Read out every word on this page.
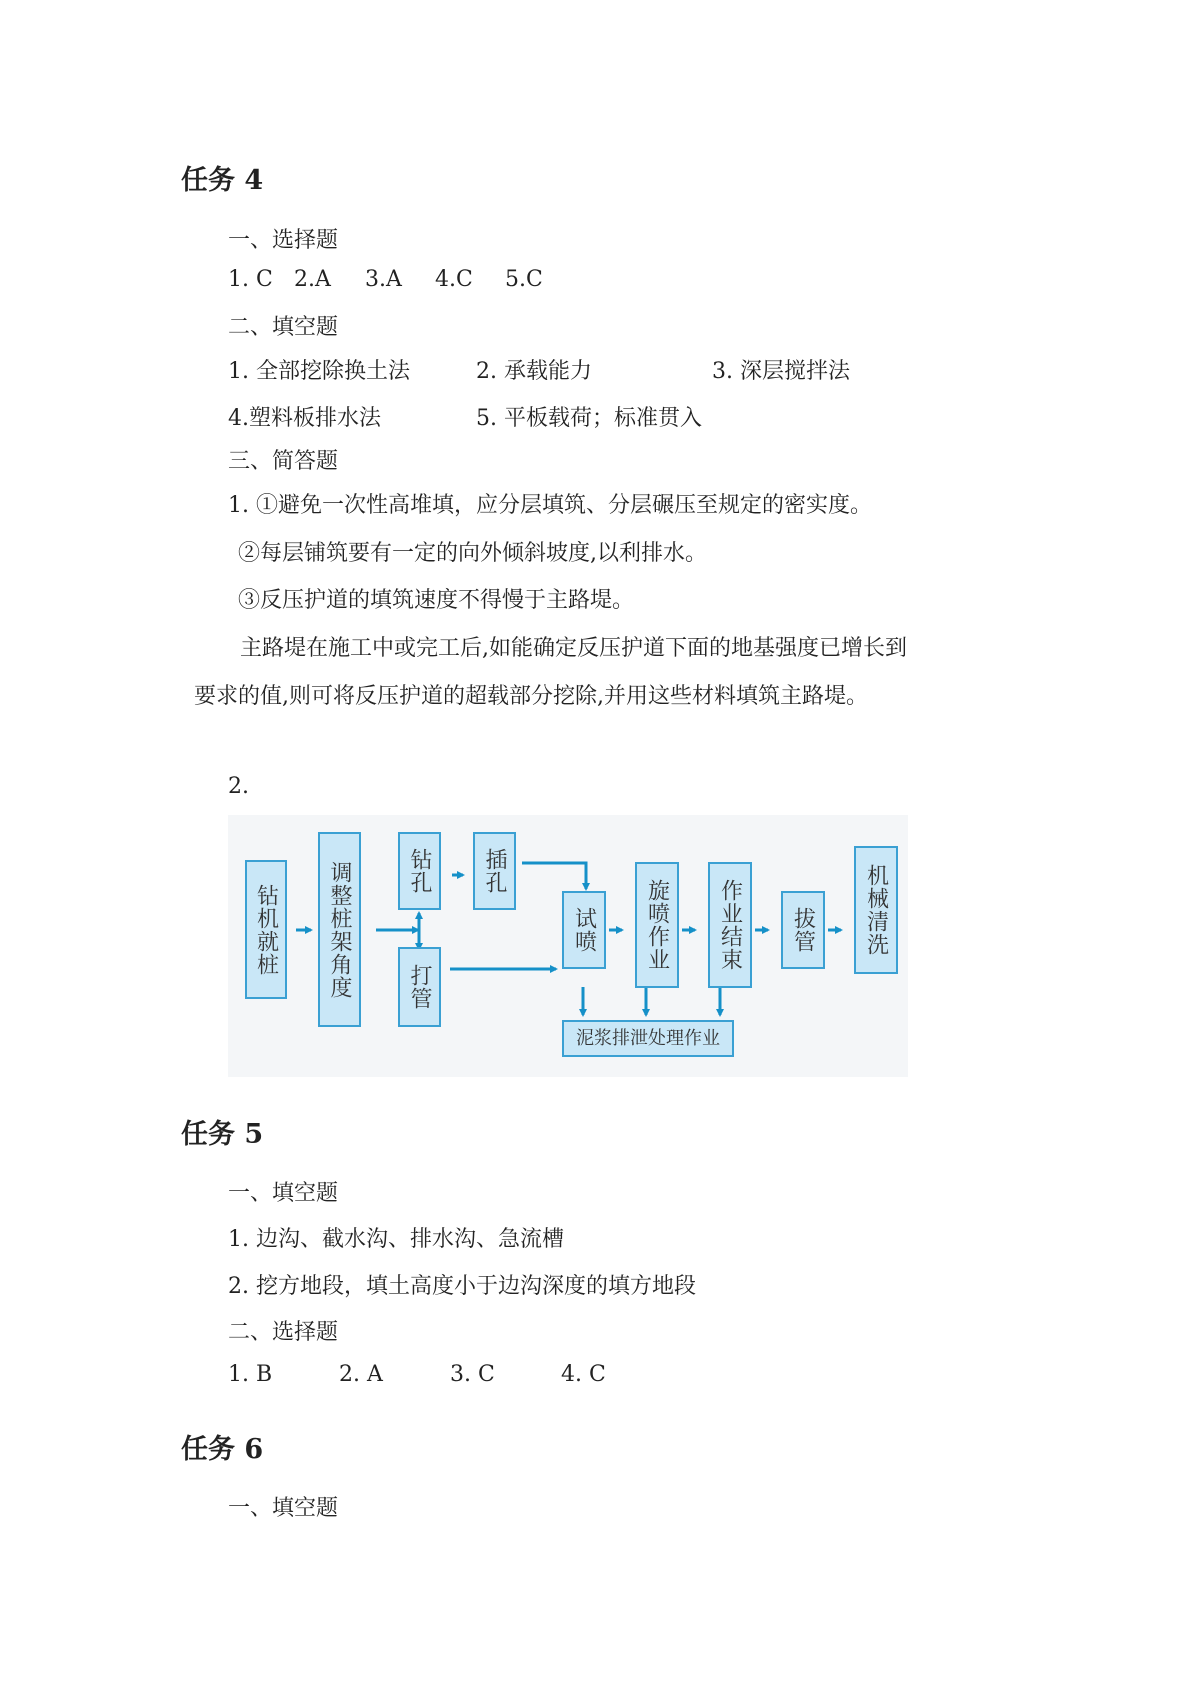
任务 4
一、选择题
1. C 2.A 3.A 4.C 5.C
二、填空题
1. 全部挖除换土法	2. 承载能力	3. 深层搅拌法
4.塑料板排水法	5. 平板载荷；标准贯入
三、简答题
1. ①避免一次性高堆填，应分层填筑、分层碾压至规定的密实度。
②每层铺筑要有一定的向外倾斜坡度,以利排水。
③反压护道的填筑速度不得慢于主路堤。
主路堤在施工中或完工后,如能确定反压护道下面的地基强度已增长到
要求的值,则可将反压护道的超载部分挖除,并用这些材料填筑主路堤。
2.
钻机就桩	调整桩架角度	钻孔	插孔
打管
试喷	旋喷作业	作业结束	拔管	机械清洗
泥浆排泄处理作业
任务 5
一、填空题
1. 边沟、截水沟、排水沟、急流槽
2. 挖方地段，填土高度小于边沟深度的填方地段
二、选择题
1. B	2. A	3. C	4. C
任务 6
一、填空题
